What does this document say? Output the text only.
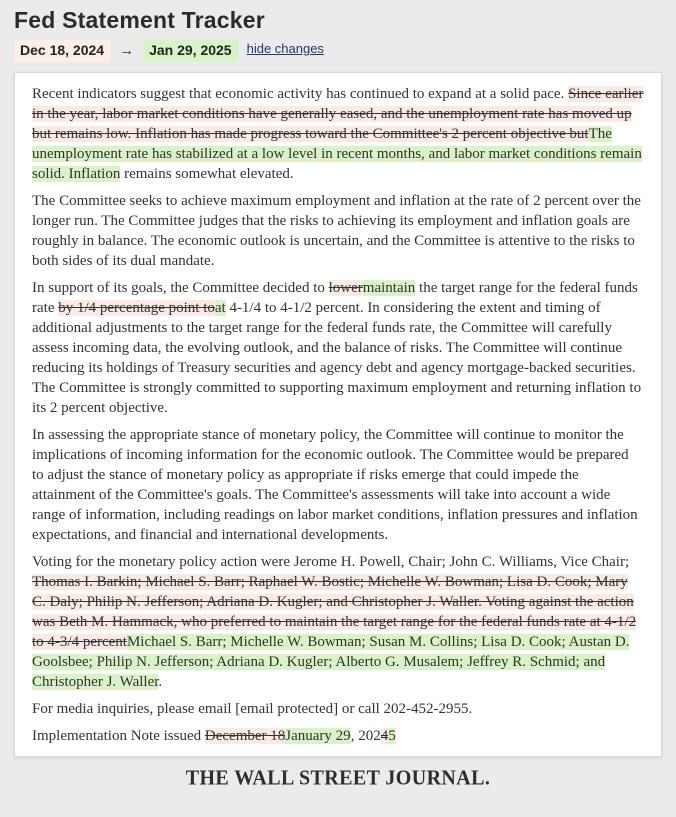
Fed Statement Tracker
Dec 18, 2024	→	Jan 29, 2025	hide changes

Recent indicators suggest that economic activity has continued to expand at a solid pace. Since earlier in the year, labor market conditions have generally eased, and the unemployment rate has moved up but remains low. Inflation has made progress toward the Committee's 2 percent objective butThe unemployment rate has stabilized at a low level in recent months, and labor market conditions remain solid. Inflation remains somewhat elevated.

The Committee seeks to achieve maximum employment and inflation at the rate of 2 percent over the longer run. The Committee judges that the risks to achieving its employment and inflation goals are roughly in balance. The economic outlook is uncertain, and the Committee is attentive to the risks to both sides of its dual mandate.

In support of its goals, the Committee decided to lowermaintain the target range for the federal funds rate by 1/4 percentage point toat 4-1/4 to 4-1/2 percent. In considering the extent and timing of additional adjustments to the target range for the federal funds rate, the Committee will carefully assess incoming data, the evolving outlook, and the balance of risks. The Committee will continue reducing its holdings of Treasury securities and agency debt and agency mortgage-backed securities. The Committee is strongly committed to supporting maximum employment and returning inflation to its 2 percent objective.

In assessing the appropriate stance of monetary policy, the Committee will continue to monitor the implications of incoming information for the economic outlook. The Committee would be prepared to adjust the stance of monetary policy as appropriate if risks emerge that could impede the attainment of the Committee's goals. The Committee's assessments will take into account a wide range of information, including readings on labor market conditions, inflation pressures and inflation expectations, and financial and international developments.

Voting for the monetary policy action were Jerome H. Powell, Chair; John C. Williams, Vice Chair; Thomas I. Barkin; Michael S. Barr; Raphael W. Bostic; Michelle W. Bowman; Lisa D. Cook; Mary C. Daly; Philip N. Jefferson; Adriana D. Kugler; and Christopher J. Waller. Voting against the action was Beth M. Hammack, who preferred to maintain the target range for the federal funds rate at 4-1/2 to 4-3/4 percentMichael S. Barr; Michelle W. Bowman; Susan M. Collins; Lisa D. Cook; Austan D. Goolsbee; Philip N. Jefferson; Adriana D. Kugler; Alberto G. Musalem; Jeffrey R. Schmid; and Christopher J. Waller.

For media inquiries, please email [email protected] or call 202-452-2955.

Implementation Note issued December 18January 29, 20245

THE WALL STREET JOURNAL.
